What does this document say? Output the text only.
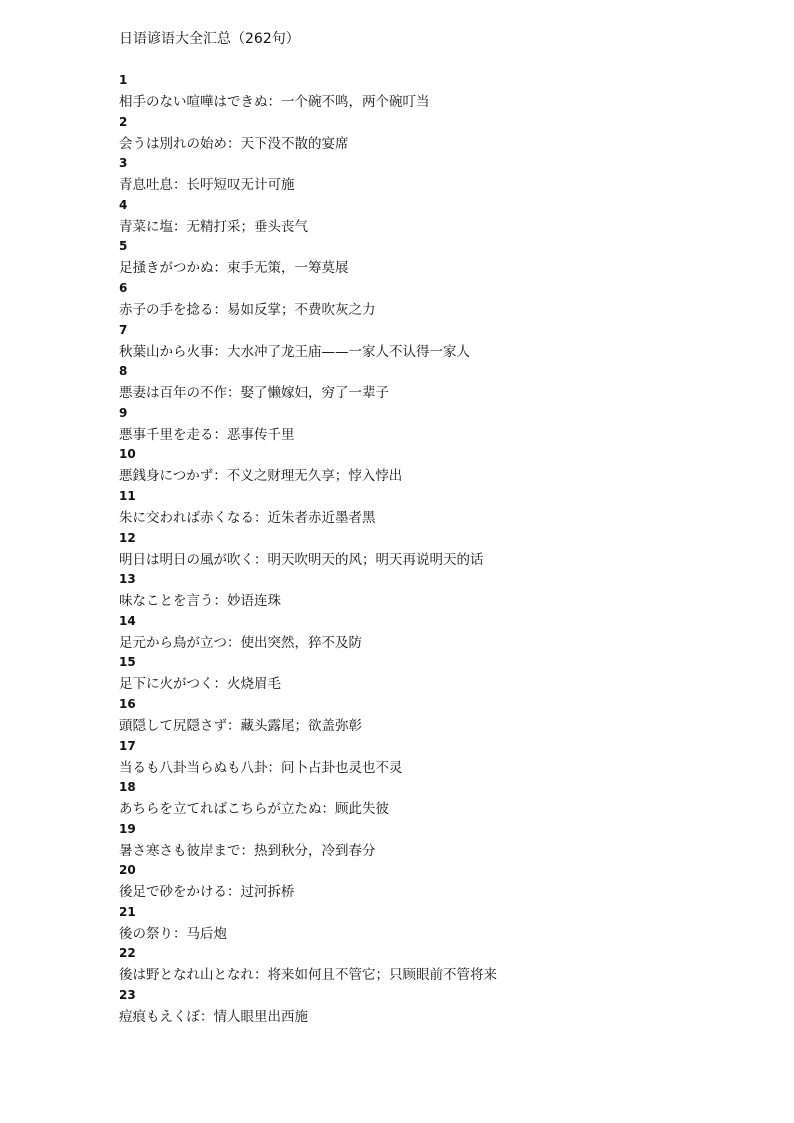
日语谚语大全汇总（262句）
1
相手のない喧嘩はできぬ：一个碗不鸣，两个碗叮当
2
会うは別れの始め：天下没不散的宴席
3
青息吐息：长吁短叹无计可施
4
青菜に塩：无精打采；垂头丧气
5
足掻きがつかぬ：束手无策，一筹莫展
6
赤子の手を捻る：易如反掌；不费吹灰之力
7
秋葉山から火事：大水冲了龙王庙——一家人不认得一家人
8
悪妻は百年の不作：娶了懒嫁妇，穷了一辈子
9
悪事千里を走る：恶事传千里
10
悪銭身につかず：不义之财理无久享；悖入悖出
11
朱に交われば赤くなる：近朱者赤近墨者黑
12
明日は明日の風が吹く：明天吹明天的风；明天再说明天的话
13
味なことを言う：妙语连珠
14
足元から鳥が立つ：使出突然，猝不及防
15
足下に火がつく：火烧眉毛
16
頭隠して尻隠さず：藏头露尾；欲盖弥彰
17
当るも八卦当らぬも八卦：问卜占卦也灵也不灵
18
あちらを立てればこちらが立たぬ：顾此失彼
19
暑さ寒さも彼岸まで：热到秋分，冷到春分
20
後足で砂をかける：过河拆桥
21
後の祭り：马后炮
22
後は野となれ山となれ：将来如何且不管它；只顾眼前不管将来
23
痘痕もえくぼ：情人眼里出西施
